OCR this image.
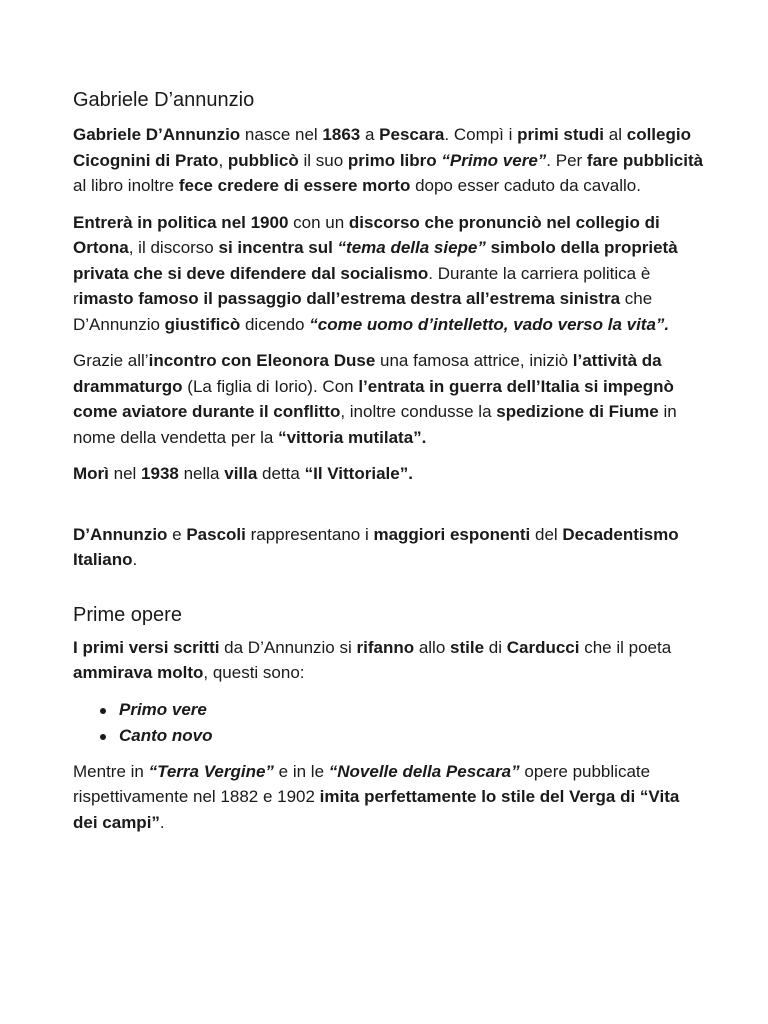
Gabriele D’annunzio

Gabriele D’Annunzio nasce nel 1863 a Pescara. Compì i primi studi al collegio Cicognini di Prato, pubblicò il suo primo libro “Primo vere”. Per fare pubblicità al libro inoltre fece credere di essere morto dopo esser caduto da cavallo.

Entrerà in politica nel 1900 con un discorso che pronunciò nel collegio di Ortona, il discorso si incentra sul “tema della siepe” simbolo della proprietà privata che si deve difendere dal socialismo. Durante la carriera politica è rimasto famoso il passaggio dall’estrema destra all’estrema sinistra che D’Annunzio giustificò dicendo “come uomo d’intelletto, vado verso la vita”.

Grazie all’incontro con Eleonora Duse una famosa attrice, iniziò l’attività da drammaturgo (La figlia di Iorio). Con l’entrata in guerra dell’Italia si impegnò come aviatore durante il conflitto, inoltre condusse la spedizione di Fiume in nome della vendetta per la “vittoria mutilata”.

Morì nel 1938 nella villa detta “Il Vittoriale”.

D’Annunzio e Pascoli rappresentano i maggiori esponenti del Decadentismo Italiano.

Prime opere

I primi versi scritti da D’Annunzio si rifanno allo stile di Carducci che il poeta ammirava molto, questi sono:

Primo vere
Canto novo

Mentre in “Terra Vergine” e in le “Novelle della Pescara” opere pubblicate rispettivamente nel 1882 e 1902 imita perfettamente lo stile del Verga di “Vita dei campi”.
